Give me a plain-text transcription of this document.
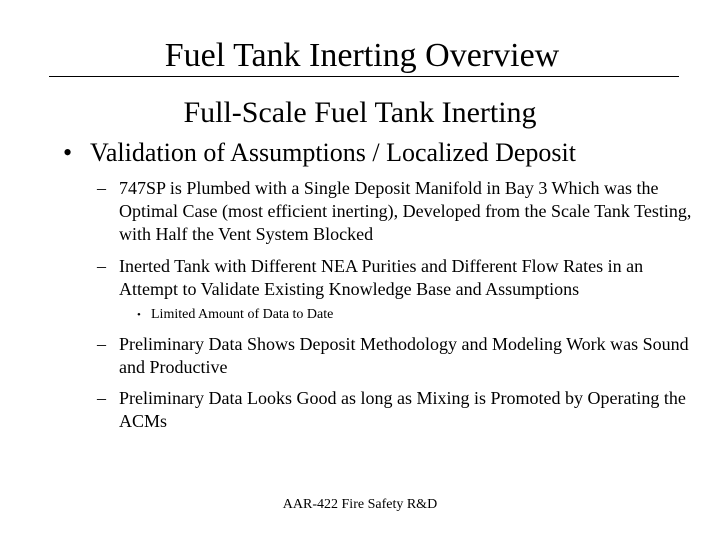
Fuel Tank Inerting Overview
Full-Scale Fuel Tank Inerting
• Validation of Assumptions / Localized Deposit
– 747SP is Plumbed with a Single Deposit Manifold in Bay 3 Which was the Optimal Case (most efficient inerting), Developed from the Scale Tank Testing, with Half the Vent System Blocked
– Inerted Tank with Different NEA Purities and Different Flow Rates in an Attempt to Validate Existing Knowledge Base and Assumptions
• Limited Amount of Data to Date
– Preliminary Data Shows Deposit Methodology and Modeling Work was Sound and Productive
– Preliminary Data Looks Good as long as Mixing is Promoted by Operating the ACMs
AAR-422 Fire Safety R&D
